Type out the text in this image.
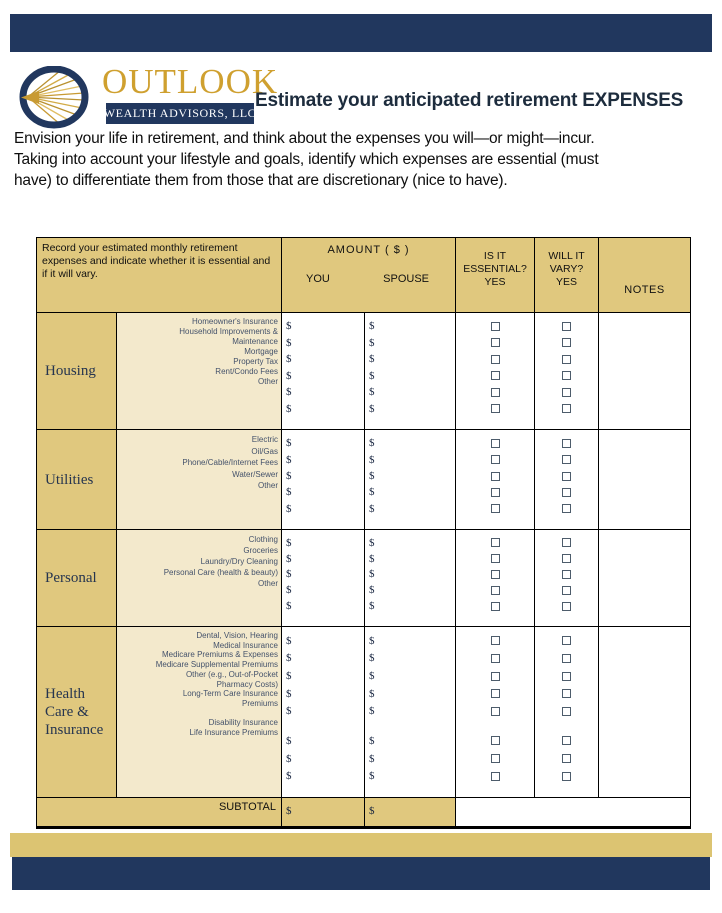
OUTLOOK
WEALTH ADVISORS, LLC
Estimate your anticipated retirement EXPENSES
Envision your life in retirement, and think about the expenses you will—or might—incur.
Taking into account your lifestyle and goals, identify which expenses are essential (must
have) to differentiate them from those that are discretionary (nice to have).
Record your estimated monthly retirement expenses and indicate whether it is essential and if it will vary.
AMOUNT ( $ )
YOU	SPOUSE
IS IT
ESSENTIAL?
YES
WILL IT
VARY?
YES
NOTES
Housing
Homeowner's Insurance
Household Improvements &
Maintenance
Mortgage
Property Tax
Rent/Condo Fees
Other
$
$
$
$
$
$
$
$
$
$
$
$
Utilities
Electric
Oil/Gas
Phone/Cable/Internet Fees
Water/Sewer
Other
$
$
$
$
$
$
$
$
$
$
Personal
Clothing
Groceries
Laundry/Dry Cleaning
Personal Care (health & beauty)
Other
$
$
$
$
$
$
$
$
$
$
Health Care & Insurance
Dental, Vision, Hearing
Medical Insurance
Medicare Premiums & Expenses
Medicare Supplemental Premiums
Other (e.g., Out-of-Pocket
Pharmacy Costs)
Long-Term Care Insurance
Premiums
Disability Insurance
Life Insurance Premiums
$
$
$
$
$
$
$
$
$
$
$
$
$
$
$
$
SUBTOTAL $	$
